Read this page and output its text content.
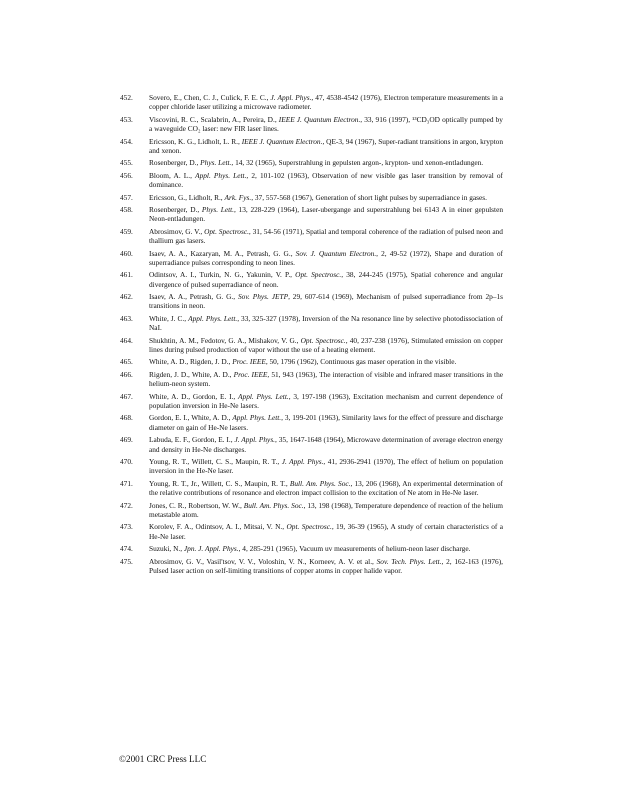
452.	Sovero, E., Chen, C. J., Culick, F. E. C., J. Appl. Phys., 47, 4538-4542 (1976), Electron temperature measurements in a copper chloride laser utilizing a microwave radiometer.
453.	Viscovini, R. C., Scalabrin, A., Pereira, D., IEEE J. Quantum Electron., 33, 916 (1997), ¹³CD₃OD optically pumped by a waveguide CO₂ laser: new FIR laser lines.
454.	Ericsson, K. G., Lidholt, L. R., IEEE J. Quantum Electron., QE-3, 94 (1967), Super-radiant transitions in argon, krypton and xenon.
455.	Rosenberger, D., Phys. Lett., 14, 32 (1965), Superstrahlung in gepulsten argon-, krypton- und xenon-entladungen.
456.	Bloom, A. L., Appl. Phys. Lett., 2, 101-102 (1963), Observation of new visible gas laser transition by removal of dominance.
457.	Ericsson, G., Lidholt, R., Ark. Fys., 37, 557-568 (1967), Generation of short light pulses by superradiance in gases.
458.	Rosenberger, D., Phys. Lett., 13, 228-229 (1964), Laser-ubergange and superstrahlung bei 6143 A in einer gepulsten Neon-entladungen.
459.	Abrosimov, G. V., Opt. Spectrosc., 31, 54-56 (1971), Spatial and temporal coherence of the radiation of pulsed neon and thallium gas lasers.
460.	Isaev, A. A., Kazaryan, M. A., Petrash, G. G., Sov. J. Quantum Electron., 2, 49-52 (1972), Shape and duration of superradiance pulses corresponding to neon lines.
461.	Odintsov, A. I., Turkin, N. G., Yakunin, V. P., Opt. Spectrosc., 38, 244-245 (1975), Spatial coherence and angular divergence of pulsed superradiance of neon.
462.	Isaev, A. A., Petrash, G. G., Sov. Phys. JETP, 29, 607-614 (1969), Mechanism of pulsed superradiance from 2p–1s transitions in neon.
463.	White, J. C., Appl. Phys. Lett., 33, 325-327 (1978), Inversion of the Na resonance line by selective photodissociation of NaI.
464.	Shukhtin, A. M., Fedotov, G. A., Mishakov, V. G., Opt. Spectrosc., 40, 237-238 (1976), Stimulated emission on copper lines during pulsed production of vapor without the use of a heating element.
465.	White, A. D., Rigden, J. D., Proc. IEEE, 50, 1796 (1962), Continuous gas maser operation in the visible.
466.	Rigden, J. D., White, A. D., Proc. IEEE, 51, 943 (1963), The interaction of visible and infrared maser transitions in the helium-neon system.
467.	White, A. D., Gordon, E. I., Appl. Phys. Lett., 3, 197-198 (1963), Excitation mechanism and current dependence of population inversion in He-Ne lasers.
468.	Gordon, E. I., White, A. D., Appl. Phys. Lett., 3, 199-201 (1963), Similarity laws for the effect of pressure and discharge diameter on gain of He-Ne lasers.
469.	Labuda, E. F., Gordon, E. I., J. Appl. Phys., 35, 1647-1648 (1964), Microwave determination of average electron energy and density in He-Ne discharges.
470.	Young, R. T., Willett, C. S., Maupin, R. T., J. Appl. Phys., 41, 2936-2941 (1970), The effect of helium on population inversion in the He-Ne laser.
471.	Young, R. T., Jr., Willett, C. S., Maupin, R. T., Bull. Am. Phys. Soc., 13, 206 (1968), An experimental determination of the relative contributions of resonance and electron impact collision to the excitation of Ne atom in He-Ne laser.
472.	Jones, C. R., Robertson, W. W., Bull. Am. Phys. Soc., 13, 198 (1968), Temperature dependence of reaction of the helium metastable atom.
473.	Korolev, F. A., Odintsov, A. I., Mitsai, V. N., Opt. Spectrosc., 19, 36-39 (1965), A study of certain characteristics of a He-Ne laser.
474.	Suzuki, N., Jpn. J. Appl. Phys., 4, 285-291 (1965), Vacuum uv measurements of helium-neon laser discharge.
475.	Abrosimov, G. V., Vasil'tsov, V. V., Voloshin, V. N., Korneev, A. V. et al., Sov. Tech. Phys. Lett., 2, 162-163 (1976), Pulsed laser action on self-limiting transitions of copper atoms in copper halide vapor.
©2001 CRC Press LLC
